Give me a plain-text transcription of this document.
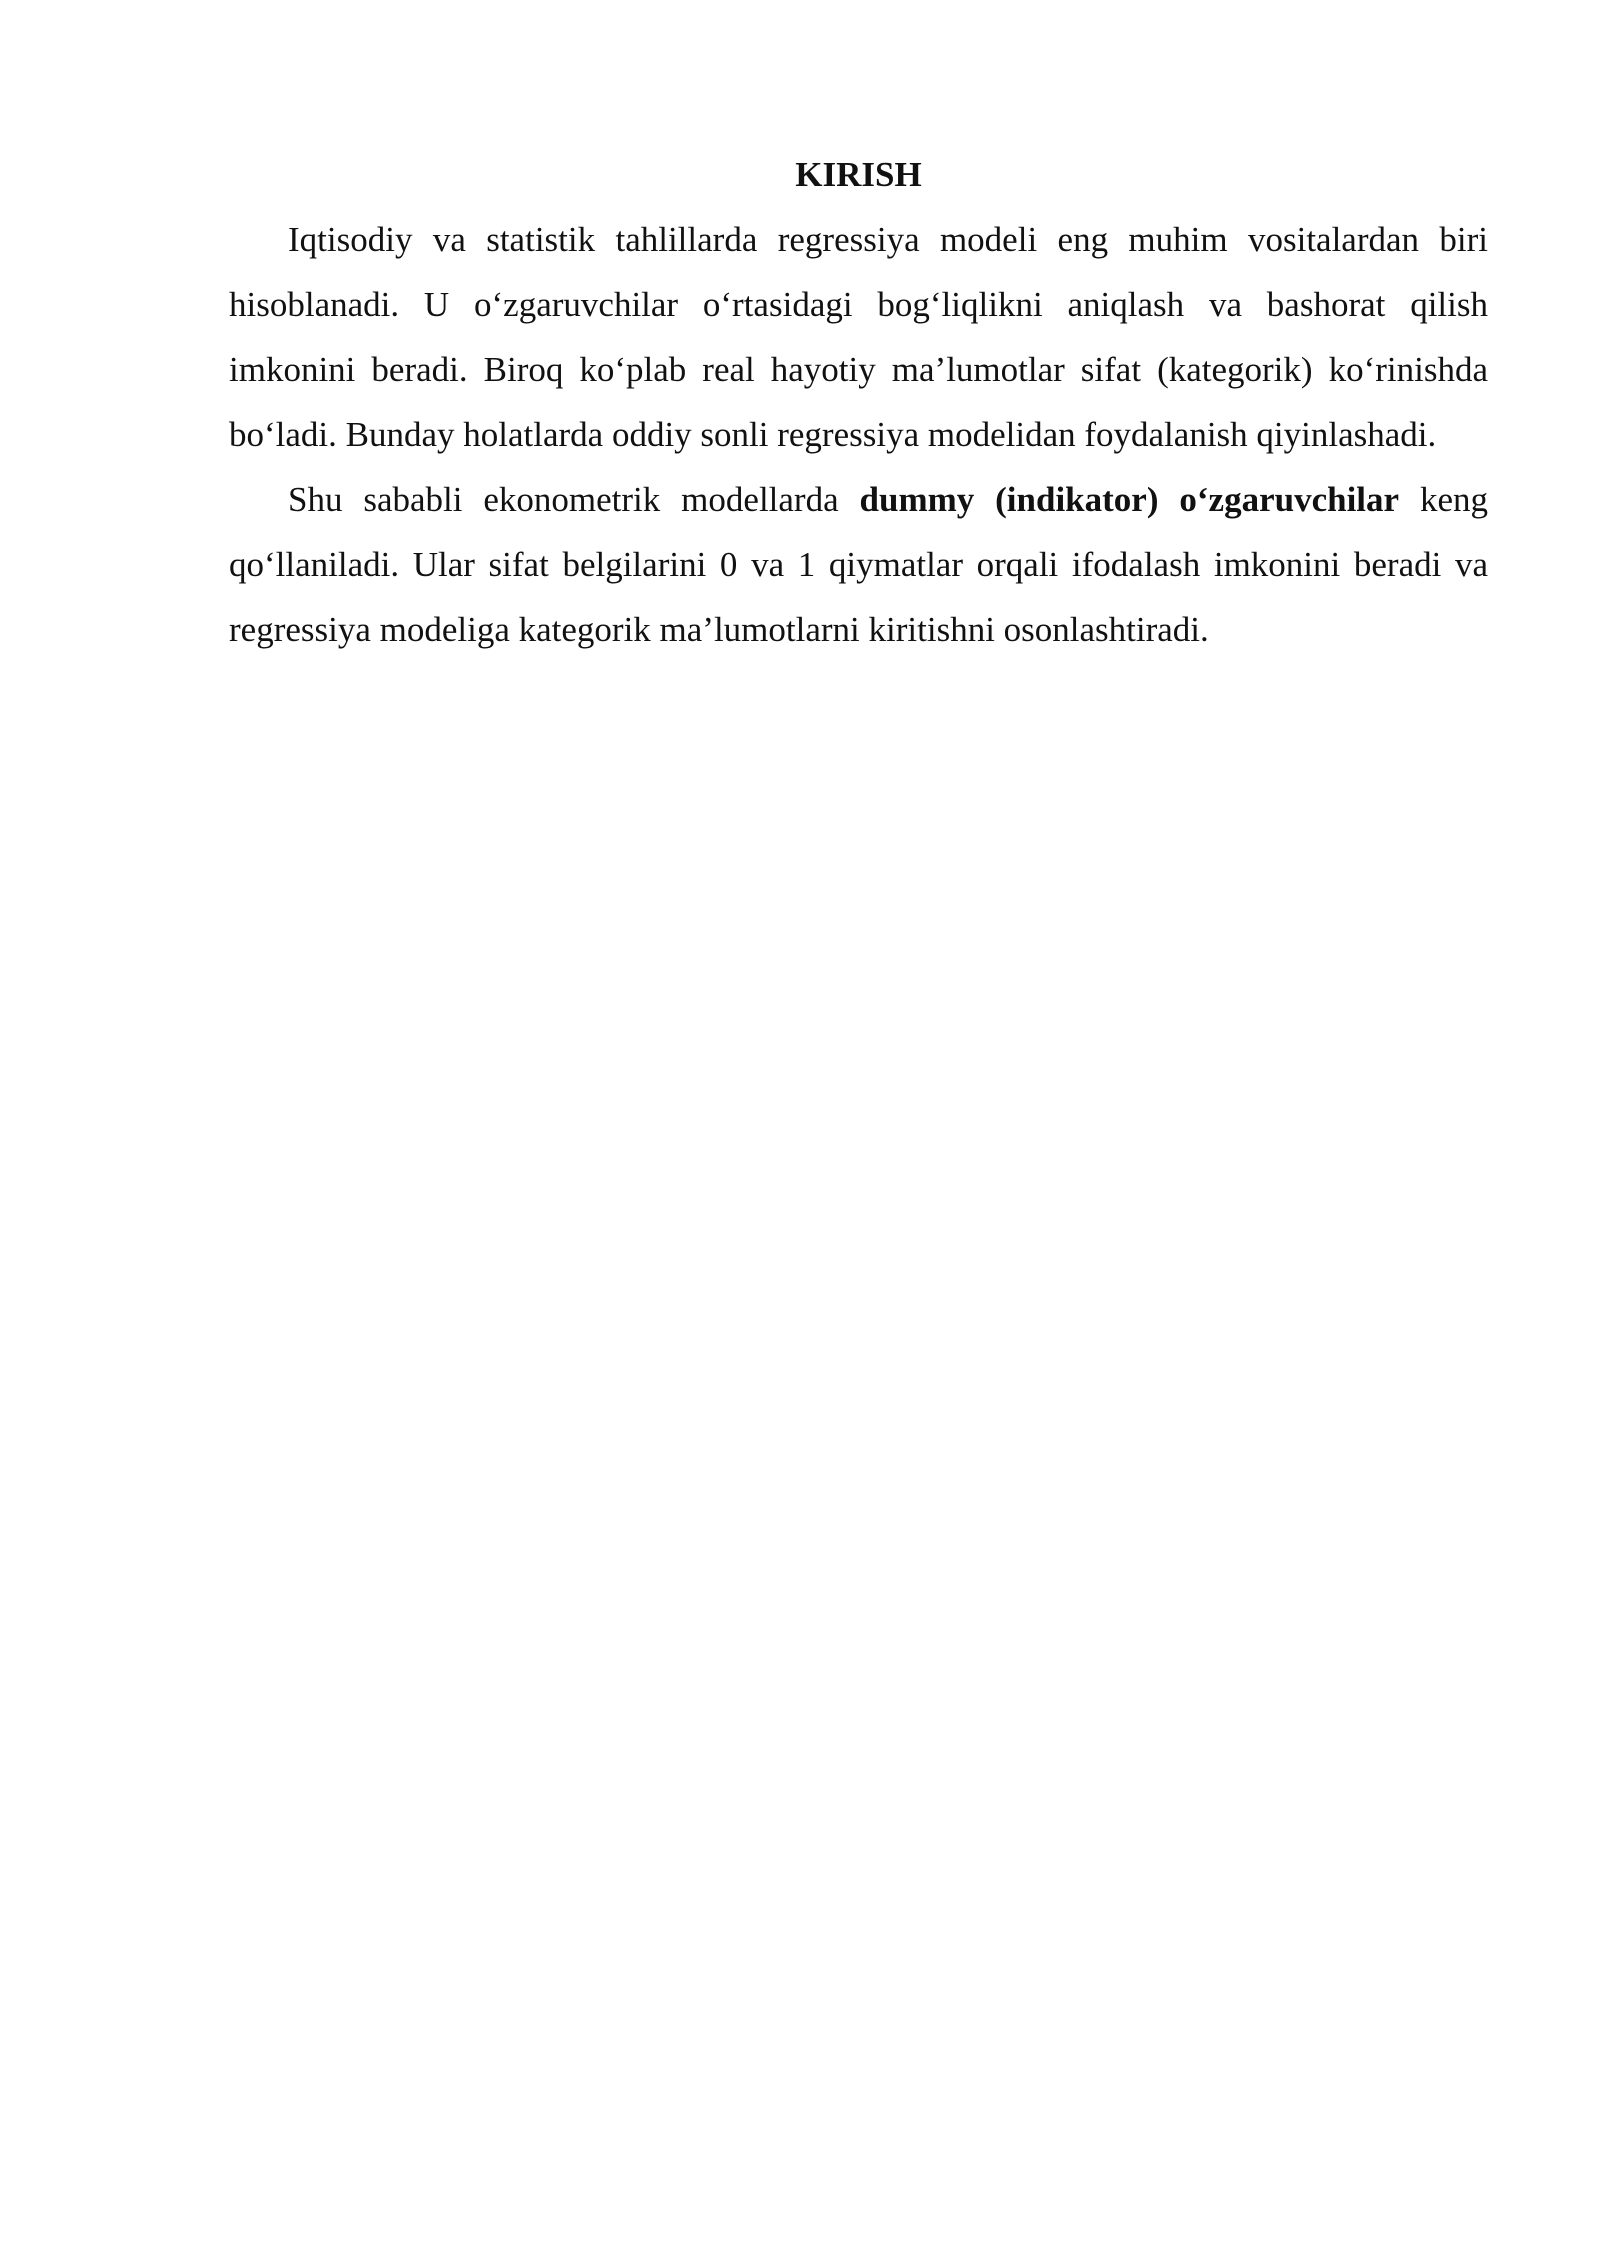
KIRISH

Iqtisodiy va statistik tahlillarda regressiya modeli eng muhim vositalardan biri hisoblanadi. U o‘zgaruvchilar o‘rtasidagi bog‘liqlikni aniqlash va bashorat qilish imkonini beradi. Biroq ko‘plab real hayotiy ma’lumotlar sifat (kategorik) ko‘rinishda bo‘ladi. Bunday holatlarda oddiy sonli regressiya modelidan foydalanish qiyinlashadi.

Shu sababli ekonometrik modellarda dummy (indikator) o‘zgaruvchilar keng qo‘llaniladi. Ular sifat belgilarini 0 va 1 qiymatlar orqali ifodalash imkonini beradi va regressiya modeliga kategorik ma’lumotlarni kiritishni osonlashtiradi.
